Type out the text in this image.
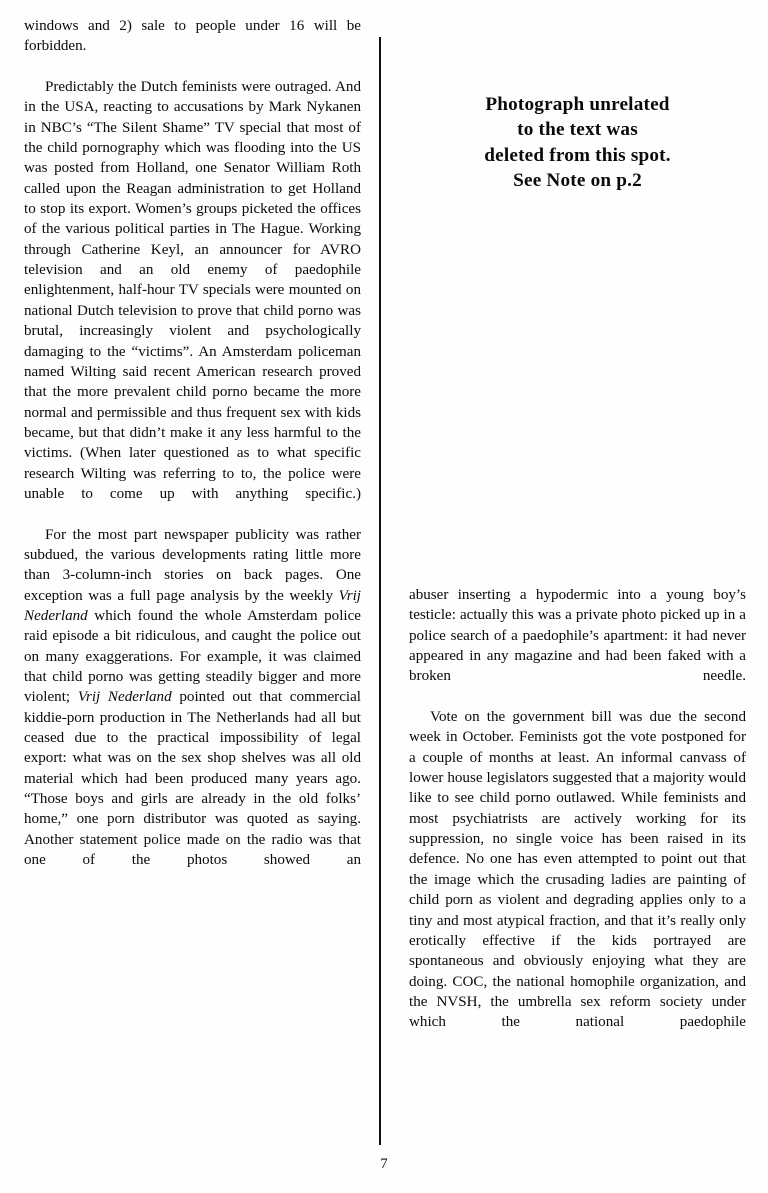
windows and 2) sale to people under 16 will be forbidden.

Predictably the Dutch feminists were outraged. And in the USA, reacting to accusations by Mark Nykanen in NBC’s “The Silent Shame” TV special that most of the child pornography which was flooding into the US was posted from Holland, one Senator William Roth called upon the Reagan administration to get Holland to stop its export. Women’s groups picketed the offices of the various political parties in The Hague. Working through Catherine Keyl, an announcer for AVRO television and an old enemy of paedophile enlightenment, half-hour TV specials were mounted on national Dutch television to prove that child porno was brutal, increasingly violent and psychologically damaging to the “victims”. An Amsterdam policeman named Wilting said recent American research proved that the more prevalent child porno became the more normal and permissible and thus frequent sex with kids became, but that didn’t make it any less harmful to the victims. (When later questioned as to what specific research Wilting was referring to to, the police were unable to come up with anything specific.)

For the most part newspaper publicity was rather subdued, the various developments rating little more than 3-column-inch stories on back pages. One exception was a full page analysis by the weekly Vrij Nederland which found the whole Amsterdam police raid episode a bit ridiculous, and caught the police out on many exaggerations. For example, it was claimed that child porno was getting steadily bigger and more violent; Vrij Nederland pointed out that commercial kiddie-porn production in The Netherlands had all but ceased due to the practical impossibility of legal export: what was on the sex shop shelves was all old material which had been produced many years ago. “Those boys and girls are already in the old folks’ home,” one porn distributor was quoted as saying. Another statement police made on the radio was that one of the photos showed an

Photograph unrelated
to the text was
deleted from this spot.
See Note on p.2

abuser inserting a hypodermic into a young boy’s testicle: actually this was a private photo picked up in a police search of a paedophile’s apartment: it had never appeared in any magazine and had been faked with a broken needle.

Vote on the government bill was due the second week in October. Feminists got the vote postponed for a couple of months at least. An informal canvass of lower house legislators suggested that a majority would like to see child porno outlawed. While feminists and most psychiatrists are actively working for its suppression, no single voice has been raised in its defence. No one has even attempted to point out that the image which the crusading ladies are painting of child porn as violent and degrading applies only to a tiny and most atypical fraction, and that it’s really only erotically effective if the kids portrayed are spontaneous and obviously enjoying what they are doing. COC, the national homophile organization, and the NVSH, the umbrella sex reform society under which the national paedophile

7
